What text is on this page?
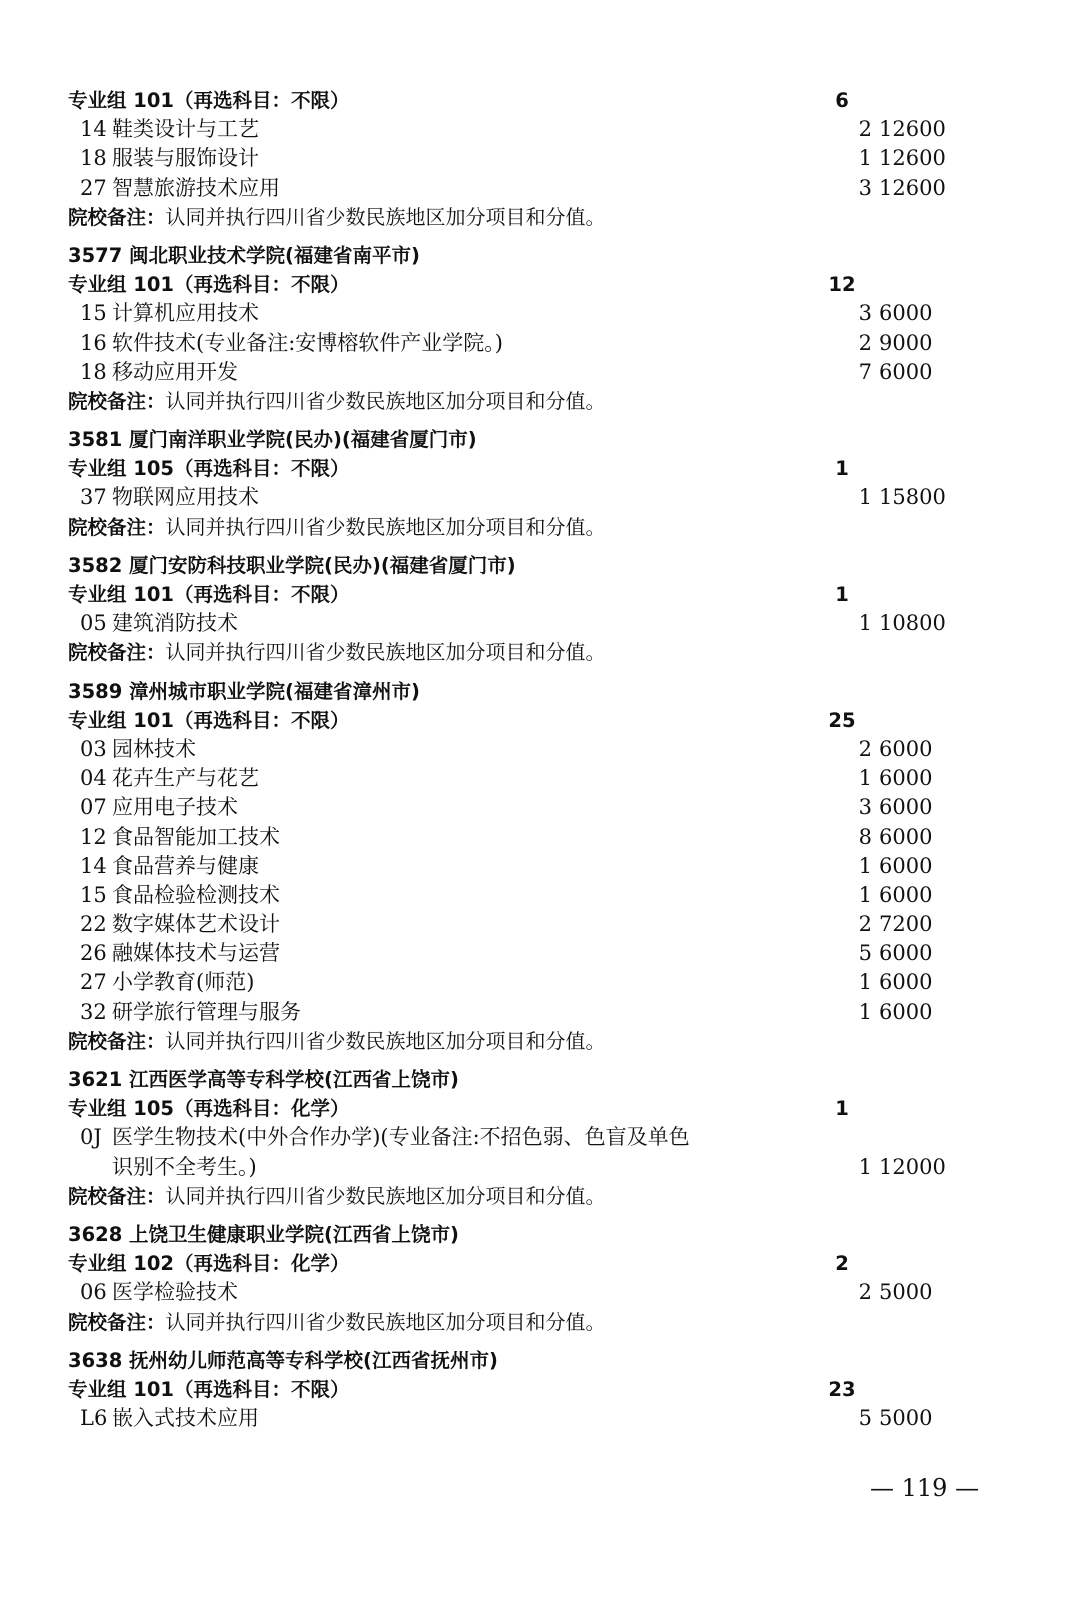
专业组 101（再选科目：不限）	6
14 鞋类设计与工艺	2 12600
18 服装与服饰设计	1 12600
27 智慧旅游技术应用	3 12600
院校备注：认同并执行四川省少数民族地区加分项目和分值。
3577 闽北职业技术学院(福建省南平市)
专业组 101（再选科目：不限）	12
15 计算机应用技术	3 6000
16 软件技术(专业备注:安博榕软件产业学院。)	2 9000
18 移动应用开发	7 6000
院校备注：认同并执行四川省少数民族地区加分项目和分值。
3581 厦门南洋职业学院(民办)(福建省厦门市)
专业组 105（再选科目：不限）	1
37 物联网应用技术	1 15800
院校备注：认同并执行四川省少数民族地区加分项目和分值。
3582 厦门安防科技职业学院(民办)(福建省厦门市)
专业组 101（再选科目：不限）	1
05 建筑消防技术	1 10800
院校备注：认同并执行四川省少数民族地区加分项目和分值。
3589 漳州城市职业学院(福建省漳州市)
专业组 101（再选科目：不限）	25
03 园林技术	2 6000
04 花卉生产与花艺	1 6000
07 应用电子技术	3 6000
12 食品智能加工技术	8 6000
14 食品营养与健康	1 6000
15 食品检验检测技术	1 6000
22 数字媒体艺术设计	2 7200
26 融媒体技术与运营	5 6000
27 小学教育(师范)	1 6000
32 研学旅行管理与服务	1 6000
院校备注：认同并执行四川省少数民族地区加分项目和分值。
3621 江西医学高等专科学校(江西省上饶市)
专业组 105（再选科目：化学）	1
0J 医学生物技术(中外合作办学)(专业备注:不招色弱、色盲及单色
识别不全考生。)	1 12000
院校备注：认同并执行四川省少数民族地区加分项目和分值。
3628 上饶卫生健康职业学院(江西省上饶市)
专业组 102（再选科目：化学）	2
06 医学检验技术	2 5000
院校备注：认同并执行四川省少数民族地区加分项目和分值。
3638 抚州幼儿师范高等专科学校(江西省抚州市)
专业组 101（再选科目：不限）	23
L6 嵌入式技术应用	5 5000
— 119 —
